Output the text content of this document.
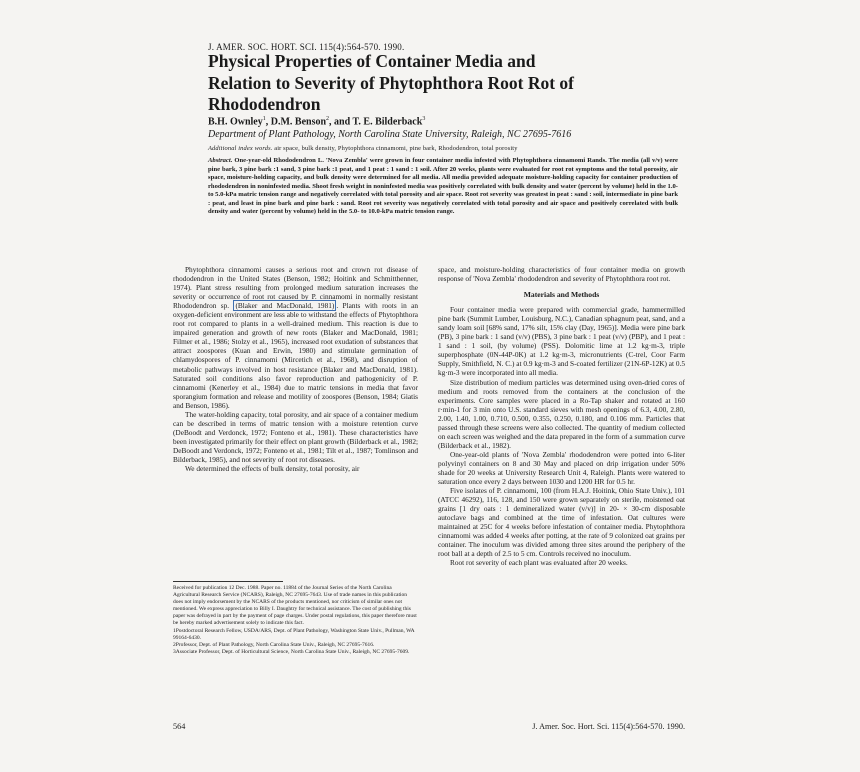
J. AMER. SOC. HORT. SCI. 115(4):564-570. 1990.
Physical Properties of Container Media and
Relation to Severity of Phytophthora Root Rot of
Rhododendron
B.H. Ownley$^1$, D.M. Benson$^2$, and T. E. Bilderback$^3$
Department of Plant Pathology, North Carolina State University, Raleigh, NC 27695-7616
Additional index words. air space, bulk density, Phytophthora cinnamomi, pine bark, Rhododendron, total porosity

Abstract. One-year-old Rhododendron L. 'Nova Zembla' were grown in four container media infested with Phytophthora cinnamomi Rands. The media (all v/v) were pine bark, 3 pine bark :1 sand, 3 pine bark :1 peat, and 1 peat : 1 sand : 1 soil. After 20 weeks, plants were evaluated for root rot symptoms and the total porosity, air space, moisture-holding capacity, and bulk density were determined for all media. All media provided adequate moisture-holding capacity for container production of rhododendron in noninfested media. Shoot fresh weight in noninfested media was positively correlated with bulk density and water (percent by volume) held in the 1.0- to 5.0-kPa matric tension range and negatively correlated with total porosity and air space. Root rot severity was greatest in peat : sand : soil, intermediate in pine bark : peat, and least in pine bark and pine bark : sand. Root rot severity was negatively correlated with total porosity and air space and positively correlated with bulk density and water (percent by volume) held in the 5.0- to 10.0-kPa matric tension range.

Phytophthora cinnamomi causes a serious root and crown rot disease of rhododendron in the United States (Benson, 1982; Hoitink and Schmitthenner, 1974). Plant stress resulting from prolonged medium saturation increases the severity or occurrence of root rot caused by P. cinnamomi in normally resistant Rhododendron sp. (Blaker and MacDonald, 1981) . Plants with roots in an oxygen-deficient environment are less able to withstand the effects of Phytophthora root rot compared to plants in a well-drained medium. This reaction is due to impaired generation and growth of new roots (Blaker and MacDonald, 1981; Filmer et al., 1986; Stolzy et al., 1965), increased root exudation of substances that attract zoospores (Kuan and Erwin, 1980) and stimulate germination of chlamydospores of P. cinnamomi (Mircetich et al., 1968), and disruption of metabolic pathways involved in host resistance (Blaker and MacDonald, 1981). Saturated soil conditions also favor reproduction and pathogenicity of P. cinnamomi (Kenerley et al., 1984) due to matric tensions in media that favor sporangium formation and release and motility of zoospores (Benson, 1984; Giatis and Benson, 1986).

The water-holding capacity, total porosity, and air space of a container medium can be described in terms of matric tension with a moisture retention curve (DeBoodt and Verdonck, 1972; Fonteno et al., 1981). These characteristics have been investigated primarily for their effect on plant growth (Bilderback et al., 1982; DeBoodt and Verdonck, 1972; Fonteno et al., 1981; Tilt et al., 1987; Tomlinson and Bilderback, 1985), and not severity of root rot diseases.

We determined the effects of bulk density, total porosity, air

Received for publication 12 Dec. 1988. Paper no. 11884 of the Journal Series of the North Carolina Agricultural Research Service (NCARS), Raleigh, NC 27695-7643. Use of trade names in this publication does not imply endorsement by the NCARS of the products mentioned, nor criticism of similar ones not mentioned. We express appreciation to Billy I. Daughtry for technical assistance. The cost of publishing this paper was defrayed in part by the payment of page charges. Under postal regulations, this paper therefore must be hereby marked advertisement solely to indicate this fact.

1Postdoctoral Research Fellow, USDA/ARS, Dept. of Plant Pathology, Washington State Univ., Pullman, WA 99164-6430.

2Professor, Dept. of Plant Pathology, North Carolina State Univ., Raleigh, NC 27695-7616.

3Associate Professor, Dept. of Horticultural Science, North Carolina State Univ., Raleigh, NC 27695-7609.

space, and moisture-holding characteristics of four container media on growth response of 'Nova Zembla' rhododendron and severity of Phytophthora root rot.

Materials and Methods

Four container media were prepared with commercial grade, hammermilled pine bark (Summit Lumber, Louisburg, N.C.), Canadian sphagnum peat, sand, and a sandy loam soil [68% sand, 17% silt, 15% clay (Day, 1965)]. Media were pine bark (PB), 3 pine bark : 1 sand (v/v) (PBS), 3 pine bark : 1 peat (v/v) (PBP), and 1 peat : 1 sand : 1 soil, (by volume) (PSS). Dolomitic lime at 1.2 kg·m-3, triple superphosphate (0N-44P-0K) at 1.2 kg·m-3, micronutrients (C-trel, Coor Farm Supply, Smithfield, N. C.) at 0.9 kg·m-3 and S-coated fertilizer (21N-6P-12K) at 0.5 kg·m-3 were incorporated into all media.

Size distribution of medium particles was determined using oven-dried cores of medium and roots removed from the containers at the conclusion of the experiments. Core samples were placed in a Ro-Tap shaker and rotated at 160 r·min-1 for 3 min onto U.S. standard sieves with mesh openings of 6.3, 4.00, 2.80, 2.00, 1.40, 1.00, 0.710, 0.500, 0.355, 0.250, 0.180, and 0.106 mm. Particles that passed through these screens were also collected. The quantity of medium collected on each screen was weighed and the data prepared in the form of a summation curve (Bilderback et al., 1982).

One-year-old plants of 'Nova Zembla' rhododendron were potted into 6-liter polyvinyl containers on 8 and 30 May and placed on drip irrigation under 50% shade for 20 weeks at University Research Unit 4, Raleigh. Plants were watered to saturation once every 2 days between 1030 and 1200 HR for 0.5 hr.

Five isolates of P. cinnamomi, 100 (from H.A.J. Hoitink, Ohio State Univ.), 101 (ATCC 46292), 116, 128, and 150 were grown separately on sterile, moistened oat grains [1 dry oats : 1 demineralized water (v/v)] in 20- × 30-cm disposable autoclave bags and combined at the time of infestation. Oat cultures were maintained at 25C for 4 weeks before infestation of container media. Phytophthora cinnamomi was added 4 weeks after potting, at the rate of 9 colonized oat grains per container. The inoculum was divided among three sites around the periphery of the root ball at a depth of 2.5 to 5 cm. Controls received no inoculum.

Root rot severity of each plant was evaluated after 20 weeks.

564	J. Amer. Soc. Hort. Sci. 115(4):564-570. 1990.
